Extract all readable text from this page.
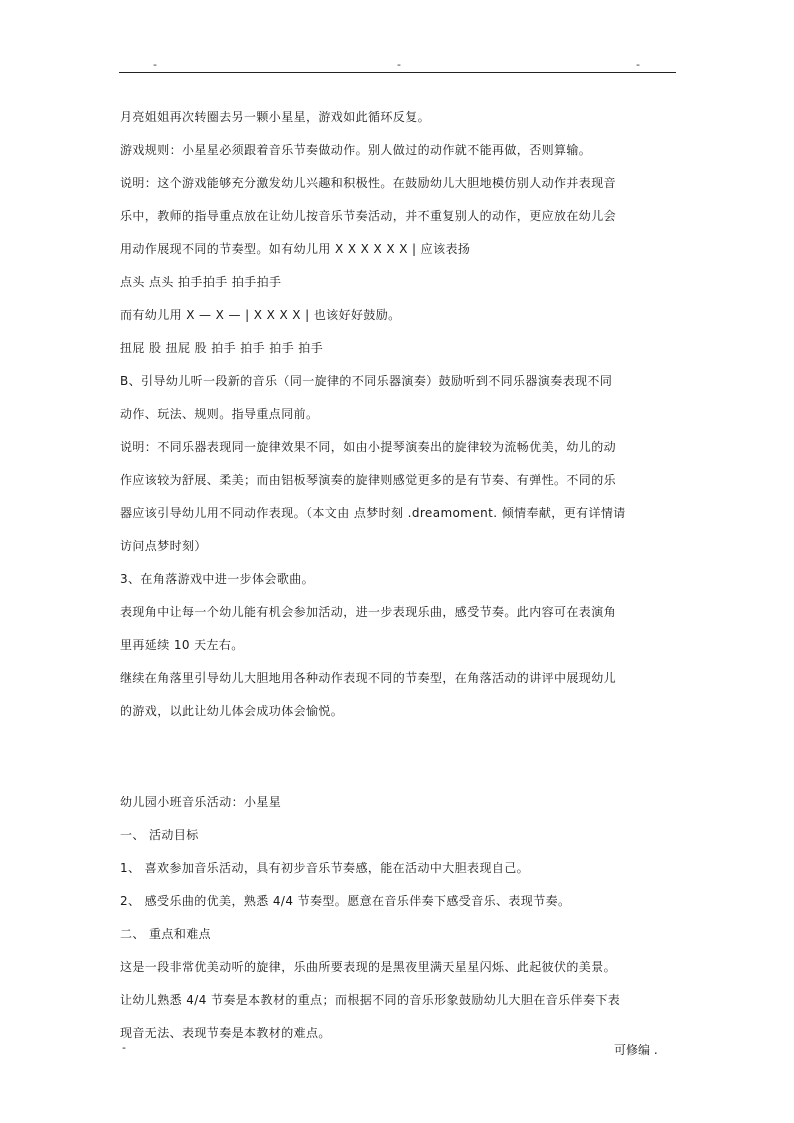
-	-	-
月亮姐姐再次转圈去另一颗小星星，游戏如此循环反复。
游戏规则：小星星必须跟着音乐节奏做动作。别人做过的动作就不能再做，否则算输。
说明：这个游戏能够充分激发幼儿兴趣和积极性。在鼓励幼儿大胆地模仿别人动作并表现音
乐中，教师的指导重点放在让幼儿按音乐节奏活动，并不重复别人的动作，更应放在幼儿会
用动作展现不同的节奏型。如有幼儿用 X X X X X X | 应该表扬
点头 点头 拍手拍手 拍手拍手
而有幼儿用 X — X — | X X X X | 也该好好鼓励。
扭屁 股 扭屁 股 拍手 拍手 拍手 拍手
B、引导幼儿听一段新的音乐（同一旋律的不同乐器演奏）鼓励听到不同乐器演奏表现不同
动作、玩法、规则。指导重点同前。
说明：不同乐器表现同一旋律效果不同，如由小提琴演奏出的旋律较为流畅优美，幼儿的动
作应该较为舒展、柔美；而由铝板琴演奏的旋律则感觉更多的是有节奏、有弹性。不同的乐
器应该引导幼儿用不同动作表现。（本文由 点梦时刻 .dreamoment. 倾情奉献，更有详情请
访问点梦时刻）
3、在角落游戏中进一步体会歌曲。
表现角中让每一个幼儿能有机会参加活动，进一步表现乐曲，感受节奏。此内容可在表演角
里再延续 10 天左右。
继续在角落里引导幼儿大胆地用各种动作表现不同的节奏型，在角落活动的讲评中展现幼儿
的游戏，以此让幼儿体会成功体会愉悦。
幼儿园小班音乐活动：小星星
一、 活动目标
1、 喜欢参加音乐活动，具有初步音乐节奏感，能在活动中大胆表现自己。
2、 感受乐曲的优美，熟悉 4/4 节奏型。愿意在音乐伴奏下感受音乐、表现节奏。
二、 重点和难点
这是一段非常优美动听的旋律，乐曲所要表现的是黑夜里满天星星闪烁、此起彼伏的美景。
让幼儿熟悉 4/4 节奏是本教材的重点；而根据不同的音乐形象鼓励幼儿大胆在音乐伴奏下表
现音无法、表现节奏是本教材的难点。
-	可修编 .
